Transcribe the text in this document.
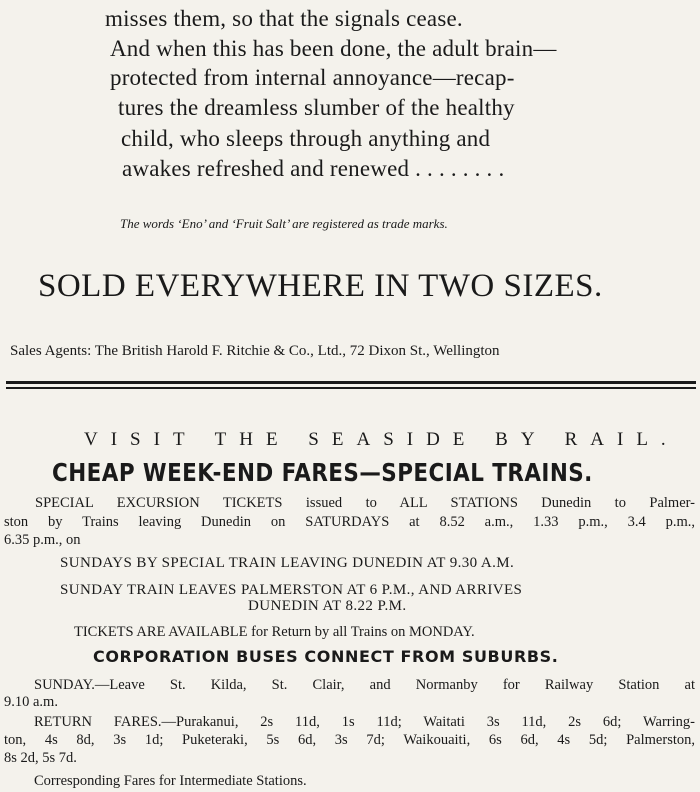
misses them, so that the signals cease.
And when this has been done, the adult brain—
protected from internal annoyance—recap-
tures the dreamless slumber of the healthy
child, who sleeps through anything and
awakes refreshed and renewed . . . . . . . .
The words ‘Eno’ and ‘Fruit Salt’ are registered as trade marks.
SOLD EVERYWHERE IN TWO SIZES.
Sales Agents: The British Harold F. Ritchie & Co., Ltd., 72 Dixon St., Wellington
VISIT THE SEASIDE BY RAIL.
CHEAP WEEK-END FARES—SPECIAL TRAINS.
SPECIAL EXCURSION TICKETS issued to ALL STATIONS Dunedin to Palmer-
ston by Trains leaving Dunedin on SATURDAYS at 8.52 a.m., 1.33 p.m., 3.4 p.m.,
6.35 p.m., on
SUNDAYS BY SPECIAL TRAIN LEAVING DUNEDIN AT 9.30 A.M.
SUNDAY TRAIN LEAVES PALMERSTON AT 6 P.M., AND ARRIVES
DUNEDIN AT 8.22 P.M.
TICKETS ARE AVAILABLE for Return by all Trains on MONDAY.
CORPORATION BUSES CONNECT FROM SUBURBS.
SUNDAY.—Leave St. Kilda, St. Clair, and Normanby for Railway Station at
9.10 a.m.
RETURN FARES.—Purakanui, 2s 11d, 1s 11d; Waitati 3s 11d, 2s 6d; Warring-
ton, 4s 8d, 3s 1d; Puketeraki, 5s 6d, 3s 7d; Waikouaiti, 6s 6d, 4s 5d; Palmerston,
8s 2d, 5s 7d.
Corresponding Fares for Intermediate Stations.
